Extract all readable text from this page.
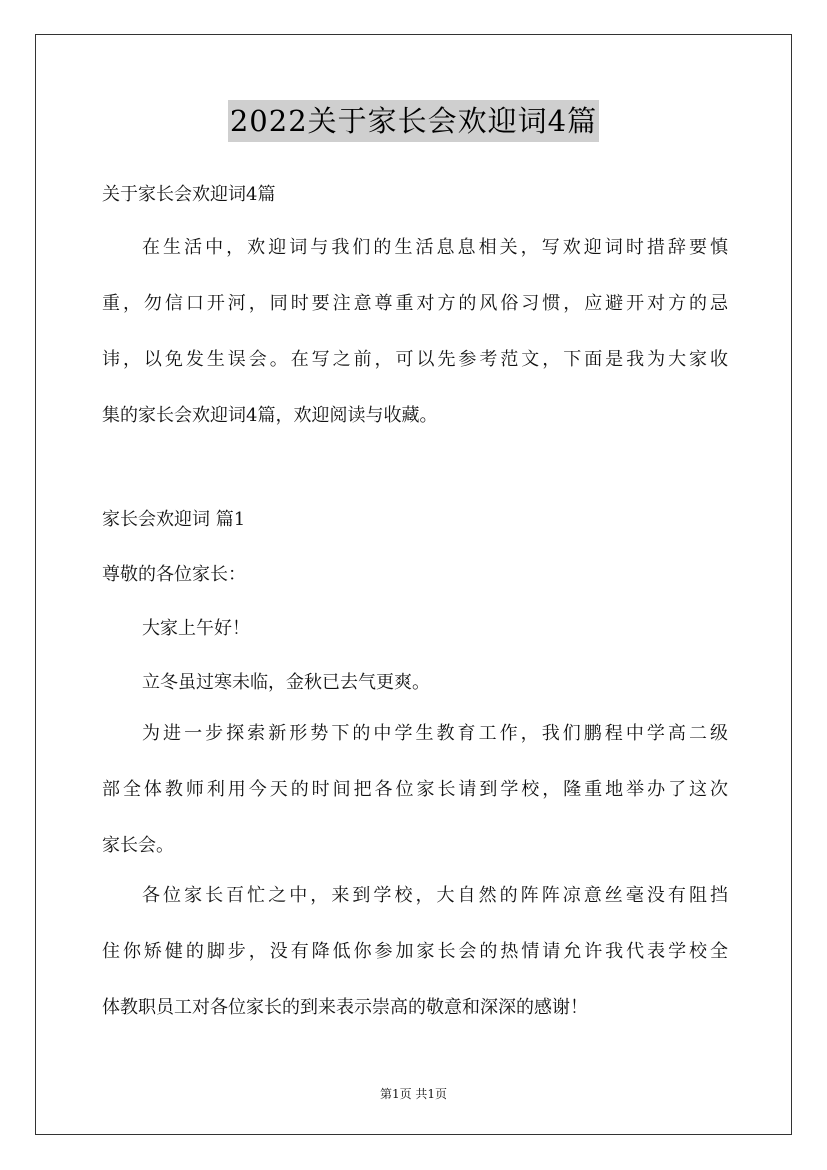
2022关于家长会欢迎词4篇
关于家长会欢迎词4篇
在生活中，欢迎词与我们的生活息息相关，写欢迎词时措辞要慎
重，勿信口开河，同时要注意尊重对方的风俗习惯，应避开对方的忌
讳，以免发生误会。在写之前，可以先参考范文，下面是我为大家收
集的家长会欢迎词4篇，欢迎阅读与收藏。
家长会欢迎词 篇1
尊敬的各位家长：
大家上午好！
立冬虽过寒未临，金秋已去气更爽。
为进一步探索新形势下的中学生教育工作，我们鹏程中学高二级
部全体教师利用今天的时间把各位家长请到学校，隆重地举办了这次
家长会。
各位家长百忙之中，来到学校，大自然的阵阵凉意丝毫没有阻挡
住你矫健的脚步，没有降低你参加家长会的热情请允许我代表学校全
体教职员工对各位家长的到来表示崇高的敬意和深深的感谢！
第1页 共1页
